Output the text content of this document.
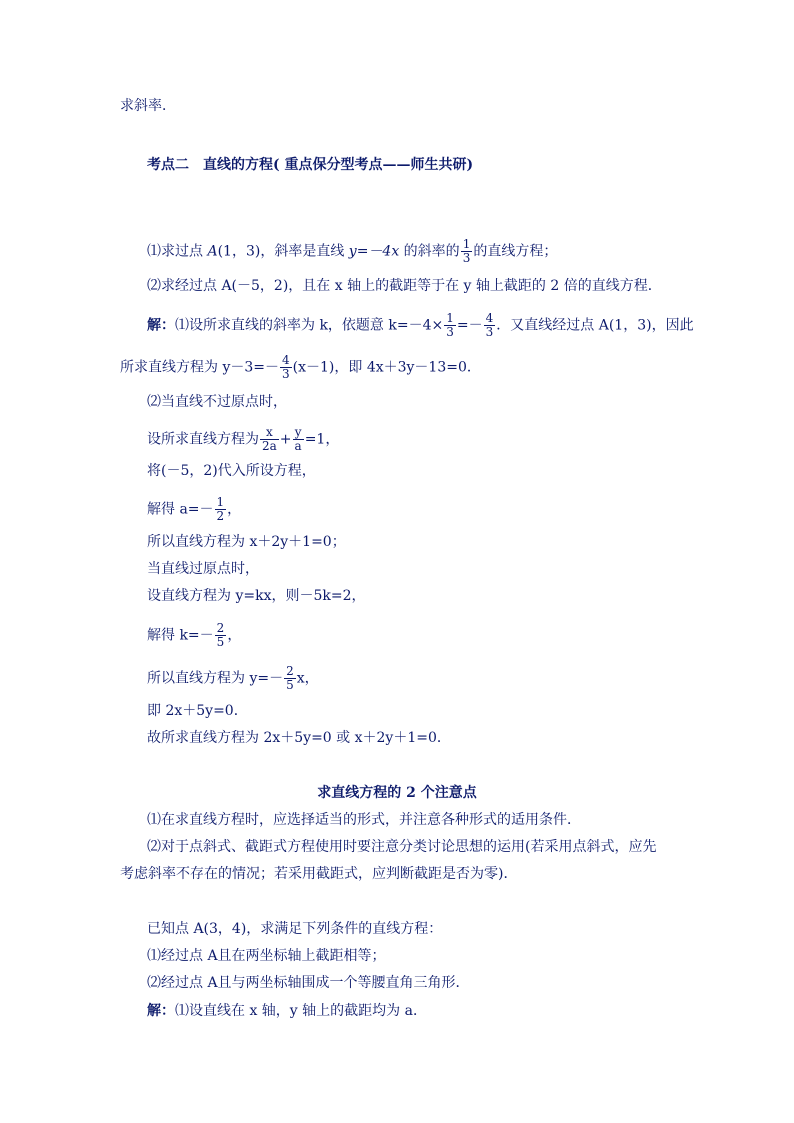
求斜率．
考点二　直线的方程( 重点保分型考点——师生共研)
⑴求过点 A(1，3)，斜率是直线 y=－4x 的斜率的 $\frac{1}{3}$ 的直线方程；
⑵求经过点 A(－5，2)，且在 x 轴上的截距等于在 y 轴上截距的 2 倍的直线方程．
解：⑴设所求直线的斜率为 k，依题意 $k=-4\times \frac{1}{3} =- \frac{4}{3}$ ．又直线经过点 A(1，3)，因此
所求直线方程为 $y-3=- \frac{4}{3} (x-1)$，即 4x＋3y－13=0．
⑵当直线不过原点时，
设所求直线方程为 $\frac{x}{2a} + \frac{y}{a} =1$，
将(－5，2)代入所设方程，
解得 $a=- \frac{1}{2}$ ，
所以直线方程为 x＋2y＋1=0；
当直线过原点时，
设直线方程为 y=kx，则－5k=2，
解得 $k=- \frac{2}{5}$ ，
所以直线方程为 $y=- \frac{2}{5}$ x，
即 2x＋5y=0．
故所求直线方程为 2x＋5y=0 或 x＋2y＋1=0．
求直线方程的 2 个注意点
⑴在求直线方程时，应选择适当的形式，并注意各种形式的适用条件．
⑵对于点斜式、截距式方程使用时要注意分类讨论思想的运用(若采用点斜式，应先
考虑斜率不存在的情况；若采用截距式，应判断截距是否为零)．
已知点 A(3，4)，求满足下列条件的直线方程：
⑴经过点 A且在两坐标轴上截距相等；
⑵经过点 A且与两坐标轴围成一个等腰直角三角形．
解：⑴设直线在 x 轴，y 轴上的截距均为 a．
